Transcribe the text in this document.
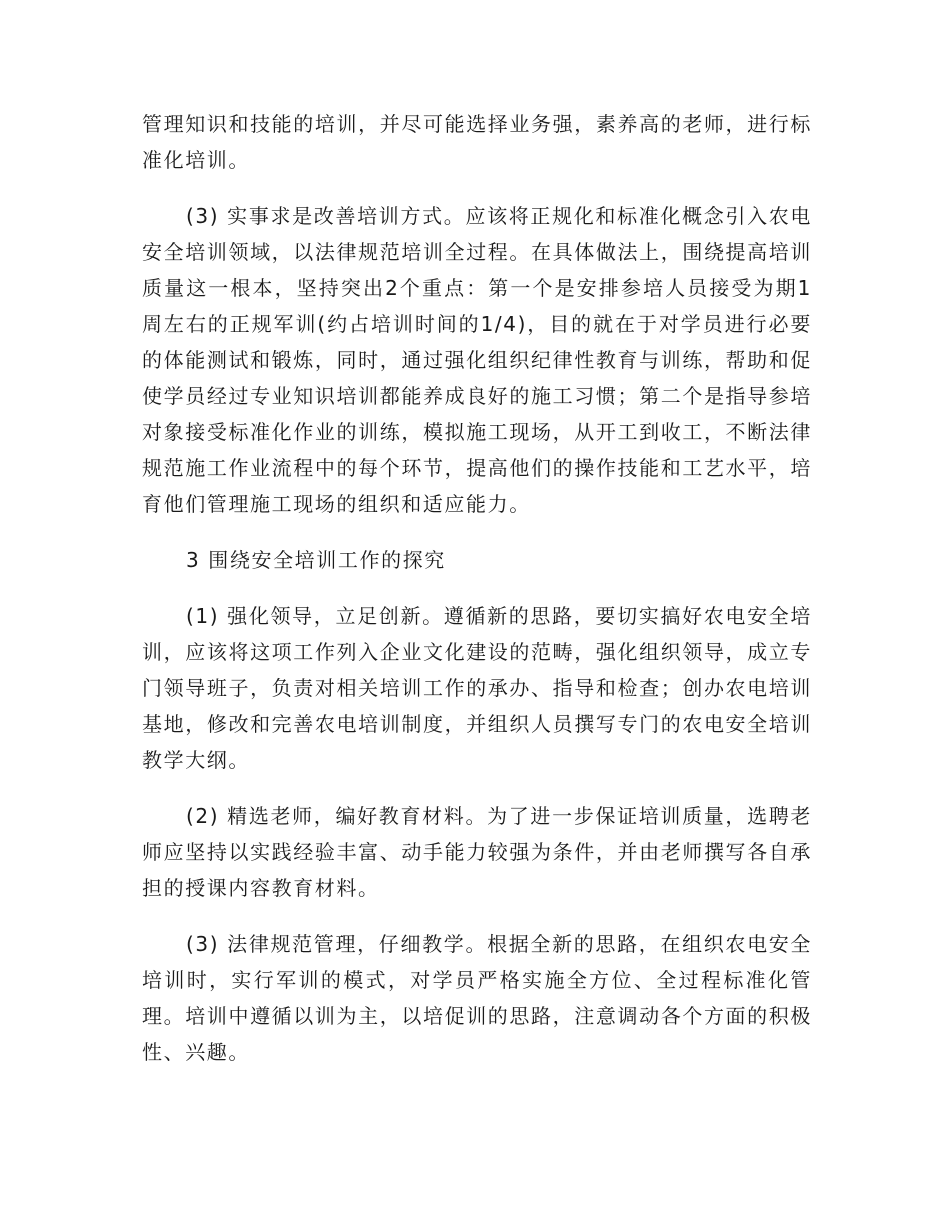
管理知识和技能的培训，并尽可能选择业务强，素养高的老师，进行标准化培训。

(3) 实事求是改善培训方式。应该将正规化和标准化概念引入农电安全培训领域，以法律规范培训全过程。在具体做法上，围绕提高培训质量这一根本，坚持突出2个重点：第一个是安排参培人员接受为期1周左右的正规军训(约占培训时间的1/4)，目的就在于对学员进行必要的体能测试和锻炼，同时，通过强化组织纪律性教育与训练，帮助和促使学员经过专业知识培训都能养成良好的施工习惯；第二个是指导参培对象接受标准化作业的训练，模拟施工现场，从开工到收工，不断法律规范施工作业流程中的每个环节，提高他们的操作技能和工艺水平，培育他们管理施工现场的组织和适应能力。

3 围绕安全培训工作的探究

(1) 强化领导，立足创新。遵循新的思路，要切实搞好农电安全培训，应该将这项工作列入企业文化建设的范畴，强化组织领导，成立专门领导班子，负责对相关培训工作的承办、指导和检查；创办农电培训基地，修改和完善农电培训制度，并组织人员撰写专门的农电安全培训教学大纲。

(2) 精选老师，编好教育材料。为了进一步保证培训质量，选聘老师应坚持以实践经验丰富、动手能力较强为条件，并由老师撰写各自承担的授课内容教育材料。

(3) 法律规范管理，仔细教学。根据全新的思路，在组织农电安全培训时，实行军训的模式，对学员严格实施全方位、全过程标准化管理。培训中遵循以训为主，以培促训的思路，注意调动各个方面的积极性、兴趣。
